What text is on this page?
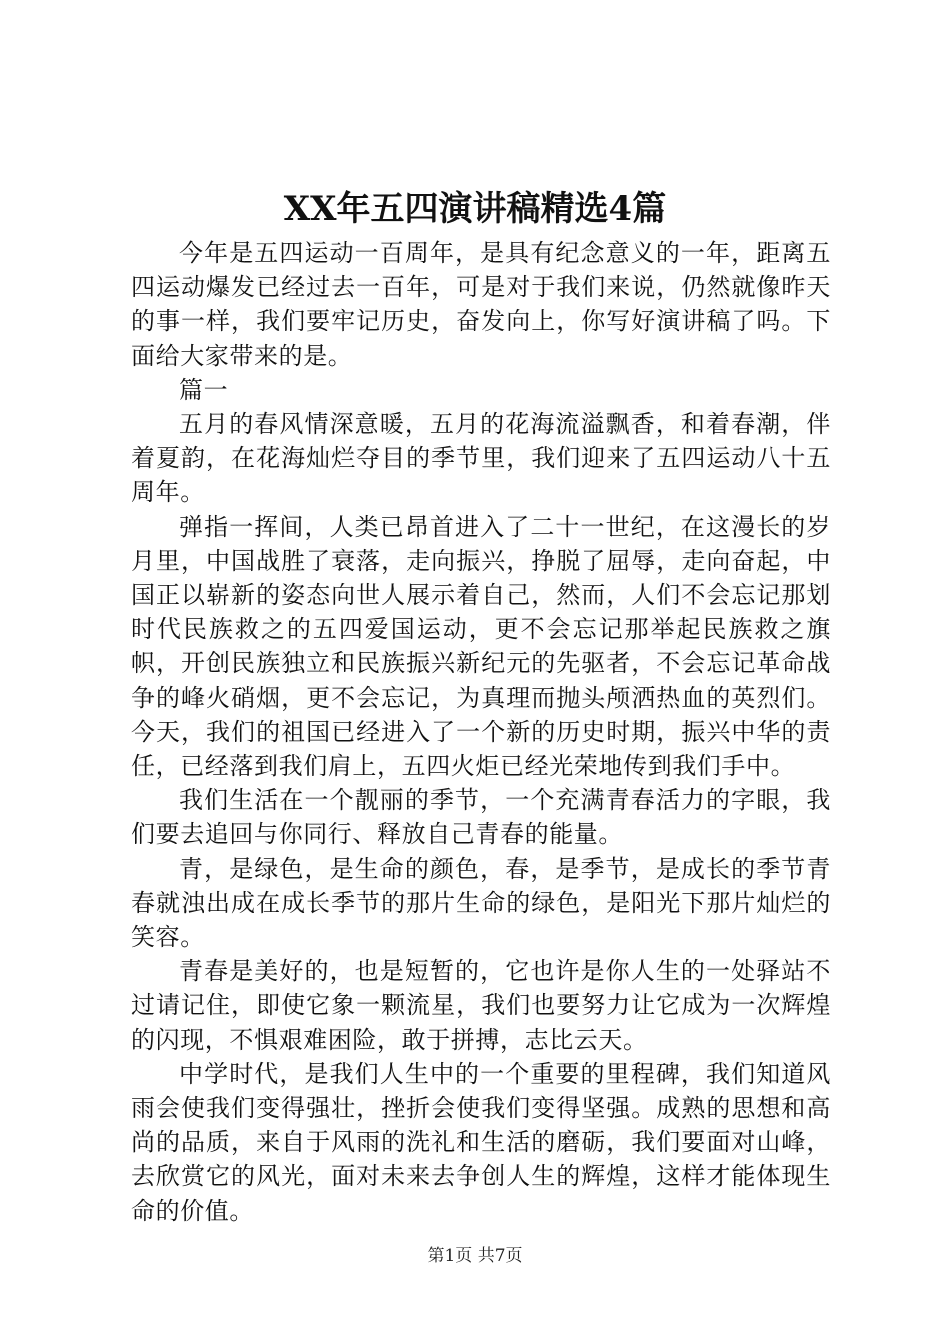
XX年五四演讲稿精选4篇

今年是五四运动一百周年，是具有纪念意义的一年，距离五四运动爆发已经过去一百年，可是对于我们来说，仍然就像昨天的事一样，我们要牢记历史，奋发向上，你写好演讲稿了吗。下面给大家带来的是。

篇一

五月的春风情深意暖，五月的花海流溢飘香，和着春潮，伴着夏韵，在花海灿烂夺目的季节里，我们迎来了五四运动八十五周年。

弹指一挥间，人类已昂首进入了二十一世纪，在这漫长的岁月里，中国战胜了衰落，走向振兴，挣脱了屈辱，走向奋起，中国正以崭新的姿态向世人展示着自己，然而，人们不会忘记那划时代民族救之的五四爱国运动，更不会忘记那举起民族救之旗帜，开创民族独立和民族振兴新纪元的先驱者，不会忘记革命战争的峰火硝烟，更不会忘记，为真理而抛头颅洒热血的英烈们。今天，我们的祖国已经进入了一个新的历史时期，振兴中华的责任，已经落到我们肩上，五四火炬已经光荣地传到我们手中。

我们生活在一个靓丽的季节，一个充满青春活力的字眼，我们要去追回与你同行、释放自己青春的能量。

青，是绿色，是生命的颜色，春，是季节，是成长的季节青春就浊出成在成长季节的那片生命的绿色，是阳光下那片灿烂的笑容。

青春是美好的，也是短暂的，它也许是你人生的一处驿站不过请记住，即使它象一颗流星，我们也要努力让它成为一次辉煌的闪现，不惧艰难困险，敢于拼搏，志比云天。

中学时代，是我们人生中的一个重要的里程碑，我们知道风雨会使我们变得强壮，挫折会使我们变得坚强。成熟的思想和高尚的品质，来自于风雨的洗礼和生活的磨砺，我们要面对山峰，去欣赏它的风光，面对未来去争创人生的辉煌，这样才能体现生命的价值。

第1页 共7页
